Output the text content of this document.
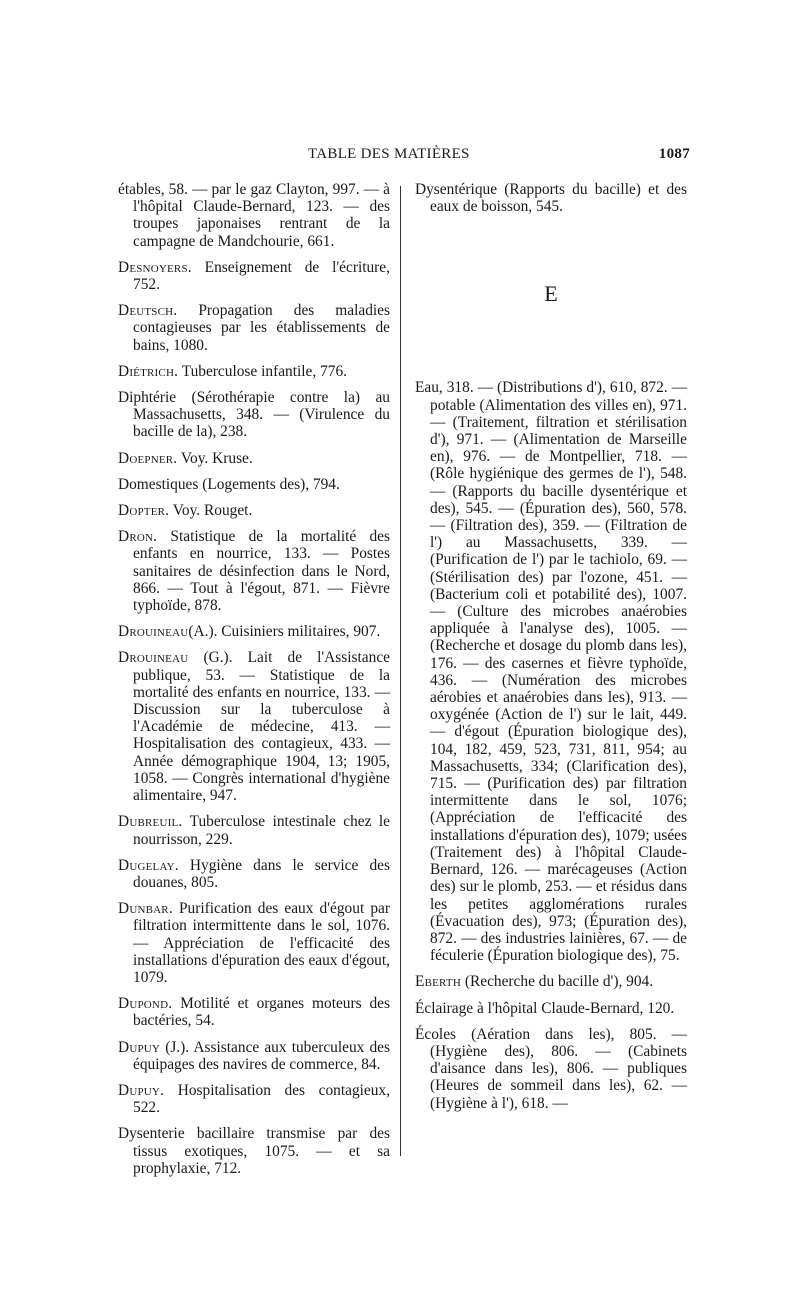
TABLE DES MATIÈRES	1087

étables, 58. — par le gaz Clayton, 997. — à l'hôpital Claude-Bernard, 123. — des troupes japonaises rentrant de la campagne de Mandchourie, 661.

Desnoyers. Enseignement de l'écriture, 752.

Deutsch. Propagation des maladies contagieuses par les établissements de bains, 1080.

Diétrich. Tuberculose infantile, 776.

Diphtérie (Sérothérapie contre la) au Massachusetts, 348. — (Virulence du bacille de la), 238.

Doepner. Voy. Kruse.

Domestiques (Logements des), 794.

Dopter. Voy. Rouget.

Dron. Statistique de la mortalité des enfants en nourrice, 133. — Postes sanitaires de désinfection dans le Nord, 866. — Tout à l'égout, 871. — Fièvre typhoïde, 878.

Drouineau(A.). Cuisiniers militaires, 907.

Drouineau (G.). Lait de l'Assistance publique, 53. — Statistique de la mortalité des enfants en nourrice, 133. — Discussion sur la tuberculose à l'Académie de médecine, 413. — Hospitalisation des contagieux, 433. — Année démographique 1904, 13; 1905, 1058. — Congrès international d'hygiène alimentaire, 947.

Dubreuil. Tuberculose intestinale chez le nourrisson, 229.

Dugelay. Hygiène dans le service des douanes, 805.

Dunbar. Purification des eaux d'égout par filtration intermittente dans le sol, 1076. — Appréciation de l'efficacité des installations d'épuration des eaux d'égout, 1079.

Dupond. Motilité et organes moteurs des bactéries, 54.

Dupuy (J.). Assistance aux tuberculeux des équipages des navires de commerce, 84.

Dupuy. Hospitalisation des contagieux, 522.

Dysenterie bacillaire transmise par des tissus exotiques, 1075. — et sa prophylaxie, 712.

Dysentérique (Rapports du bacille) et des eaux de boisson, 545.

E

Eau, 318. — (Distributions d'), 610, 872. — potable (Alimentation des villes en), 971. — (Traitement, filtration et stérilisation d'), 971. — (Alimentation de Marseille en), 976. — de Montpellier, 718. — (Rôle hygiénique des germes de l'), 548. — (Rapports du bacille dysentérique et des), 545. — (Épuration des), 560, 578. — (Filtration des), 359. — (Filtration de l') au Massachusetts, 339. — (Purification de l') par le tachiolo, 69. — (Stérilisation des) par l'ozone, 451. — (Bacterium coli et potabilité des), 1007. — (Culture des microbes anaérobies appliquée à l'analyse des), 1005. — (Recherche et dosage du plomb dans les), 176. — des casernes et fièvre typhoïde, 436. — (Numération des microbes aérobies et anaérobies dans les), 913. — oxygénée (Action de l') sur le lait, 449. — d'égout (Épuration biologique des), 104, 182, 459, 523, 731, 811, 954; au Massachusetts, 334; (Clarification des), 715. — (Purification des) par filtration intermittente dans le sol, 1076; (Appréciation de l'efficacité des installations d'épuration des), 1079; usées (Traitement des) à l'hôpital Claude-Bernard, 126. — marécageuses (Action des) sur le plomb, 253. — et résidus dans les petites agglomérations rurales (Évacuation des), 973; (Épuration des), 872. — des industries lainières, 67. — de féculerie (Épuration biologique des), 75.

Eberth (Recherche du bacille d'), 904.

Éclairage à l'hôpital Claude-Bernard, 120.

Écoles (Aération dans les), 805. — (Hygiène des), 806. — (Cabinets d'aisance dans les), 806. — publiques (Heures de sommeil dans les), 62. — (Hygiène à l'), 618. —
